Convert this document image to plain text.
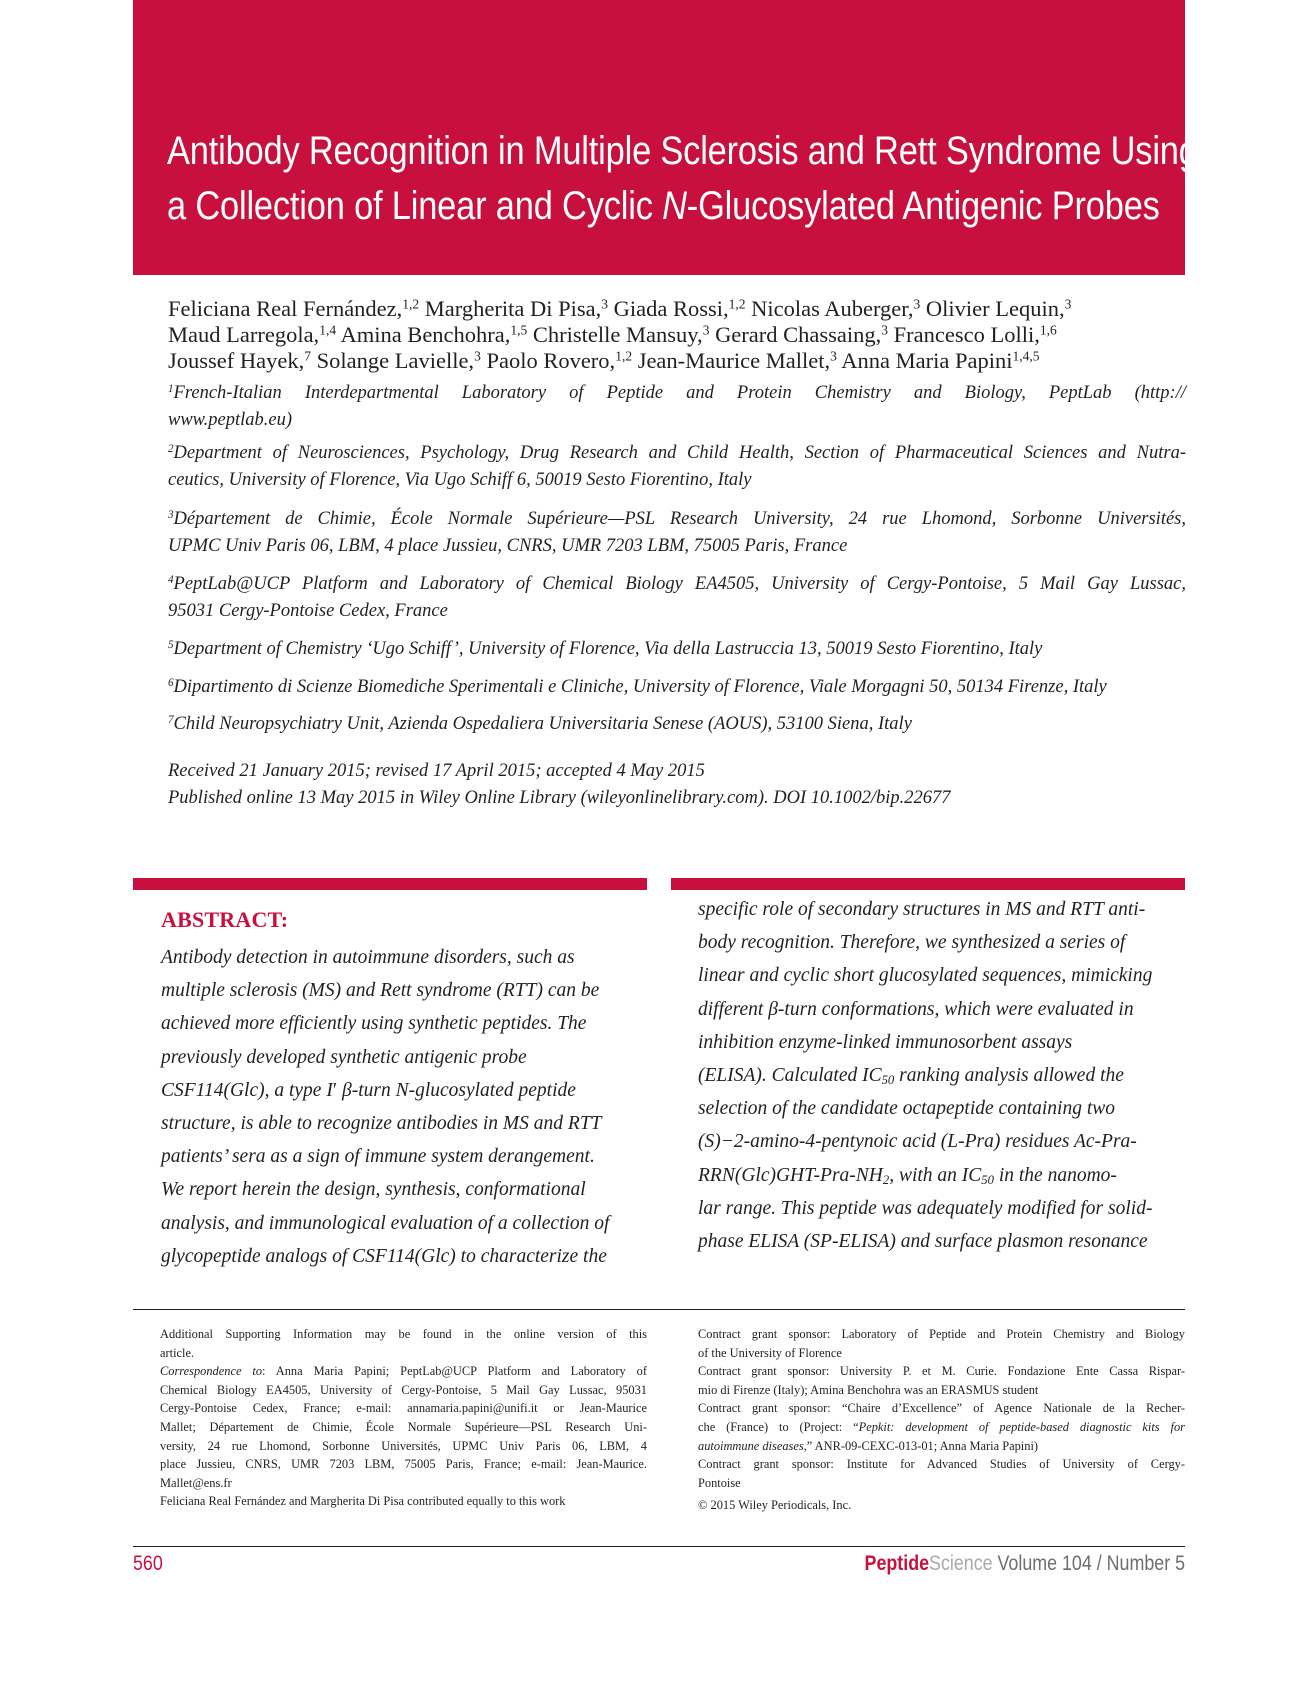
Antibody Recognition in Multiple Sclerosis and Rett Syndrome Using
a Collection of Linear and Cyclic N-Glucosylated Antigenic Probes
Feliciana Real Fernández,$^{1,2}$ Margherita Di Pisa,$^3$ Giada Rossi,$^{1,2}$ Nicolas Auberger,$^3$ Olivier Lequin,$^3$
Maud Larregola,$^{1,4}$ Amina Benchohra,$^{1,5}$ Christelle Mansuy,$^3$ Gerard Chassaing,$^3$ Francesco Lolli,$^{1,6}$
Joussef Hayek,$^7$ Solange Lavielle,$^3$ Paolo Rovero,$^{1,2}$ Jean-Maurice Mallet,$^3$ Anna Maria Papini$^{1,4,5}$
$^1$French-Italian Interdepartmental Laboratory of Peptide and Protein Chemistry and Biology, PeptLab (http://
www.peptlab.eu)
$^2$Department of Neurosciences, Psychology, Drug Research and Child Health, Section of Pharmaceutical Sciences and Nutra-
ceutics, University of Florence, Via Ugo Schiff 6, 50019 Sesto Fiorentino, Italy
$^3$Département de Chimie, École Normale Supérieure—PSL Research University, 24 rue Lhomond, Sorbonne Universités,
UPMC Univ Paris 06, LBM, 4 place Jussieu, CNRS, UMR 7203 LBM, 75005 Paris, France
$^4$PeptLab@UCP Platform and Laboratory of Chemical Biology EA4505, University of Cergy-Pontoise, 5 Mail Gay Lussac,
95031 Cergy-Pontoise Cedex, France
$^5$Department of Chemistry ‘Ugo Schiff’, University of Florence, Via della Lastruccia 13, 50019 Sesto Fiorentino, Italy
$^6$Dipartimento di Scienze Biomediche Sperimentali e Cliniche, University of Florence, Viale Morgagni 50, 50134 Firenze, Italy
$^7$Child Neuropsychiatry Unit, Azienda Ospedaliera Universitaria Senese (AOUS), 53100 Siena, Italy
Received 21 January 2015; revised 17 April 2015; accepted 4 May 2015
Published online 13 May 2015 in Wiley Online Library (wileyonlinelibrary.com). DOI 10.1002/bip.22677
ABSTRACT:
Antibody detection in autoimmune disorders, such as
multiple sclerosis (MS) and Rett syndrome (RTT) can be
achieved more efficiently using synthetic peptides. The
previously developed synthetic antigenic probe
CSF114(Glc), a type I′ β-turn N-glucosylated peptide
structure, is able to recognize antibodies in MS and RTT
patients’ sera as a sign of immune system derangement.
We report herein the design, synthesis, conformational
analysis, and immunological evaluation of a collection of
glycopeptide analogs of CSF114(Glc) to characterize the
specific role of secondary structures in MS and RTT anti-
body recognition. Therefore, we synthesized a series of
linear and cyclic short glucosylated sequences, mimicking
different β-turn conformations, which were evaluated in
inhibition enzyme-linked immunosorbent assays
(ELISA). Calculated $IC_{50}$ ranking analysis allowed the
selection of the candidate octapeptide containing two
(S)−2-amino-4-pentynoic acid (L-Pra) residues Ac-Pra-
$RRN(Glc)GHT-Pra-NH_2$, with an $IC_{50}$ in the nanomo-
lar range. This peptide was adequately modified for solid-
phase ELISA (SP-ELISA) and surface plasmon resonance
Additional Supporting Information may be found in the online version of this
article.
Correspondence to: Anna Maria Papini; PeptLab@UCP Platform and Laboratory of
Chemical Biology EA4505, University of Cergy-Pontoise, 5 Mail Gay Lussac, 95031
Cergy-Pontoise Cedex, France; e-mail: annamaria.papini@unifi.it or Jean-Maurice
Mallet; Département de Chimie, École Normale Supérieure—PSL Research Uni-
versity, 24 rue Lhomond, Sorbonne Universités, UPMC Univ Paris 06, LBM, 4
place Jussieu, CNRS, UMR 7203 LBM, 75005 Paris, France; e-mail: Jean-Maurice.
Mallet@ens.fr
Feliciana Real Fernández and Margherita Di Pisa contributed equally to this work
Contract grant sponsor: Laboratory of Peptide and Protein Chemistry and Biology
of the University of Florence
Contract grant sponsor: University P. et M. Curie. Fondazione Ente Cassa Rispar-
mio di Firenze (Italy); Amina Benchohra was an ERASMUS student
Contract grant sponsor: “Chaire d’Excellence” of Agence Nationale de la Recher-
che (France) to (Project: “Pepkit: development of peptide-based diagnostic kits for
autoimmune diseases,” ANR-09-CEXC-013-01; Anna Maria Papini)
Contract grant sponsor: Institute for Advanced Studies of University of Cergy-
Pontoise
© 2015 Wiley Periodicals, Inc.
560	PeptideScience Volume 104 / Number 5
